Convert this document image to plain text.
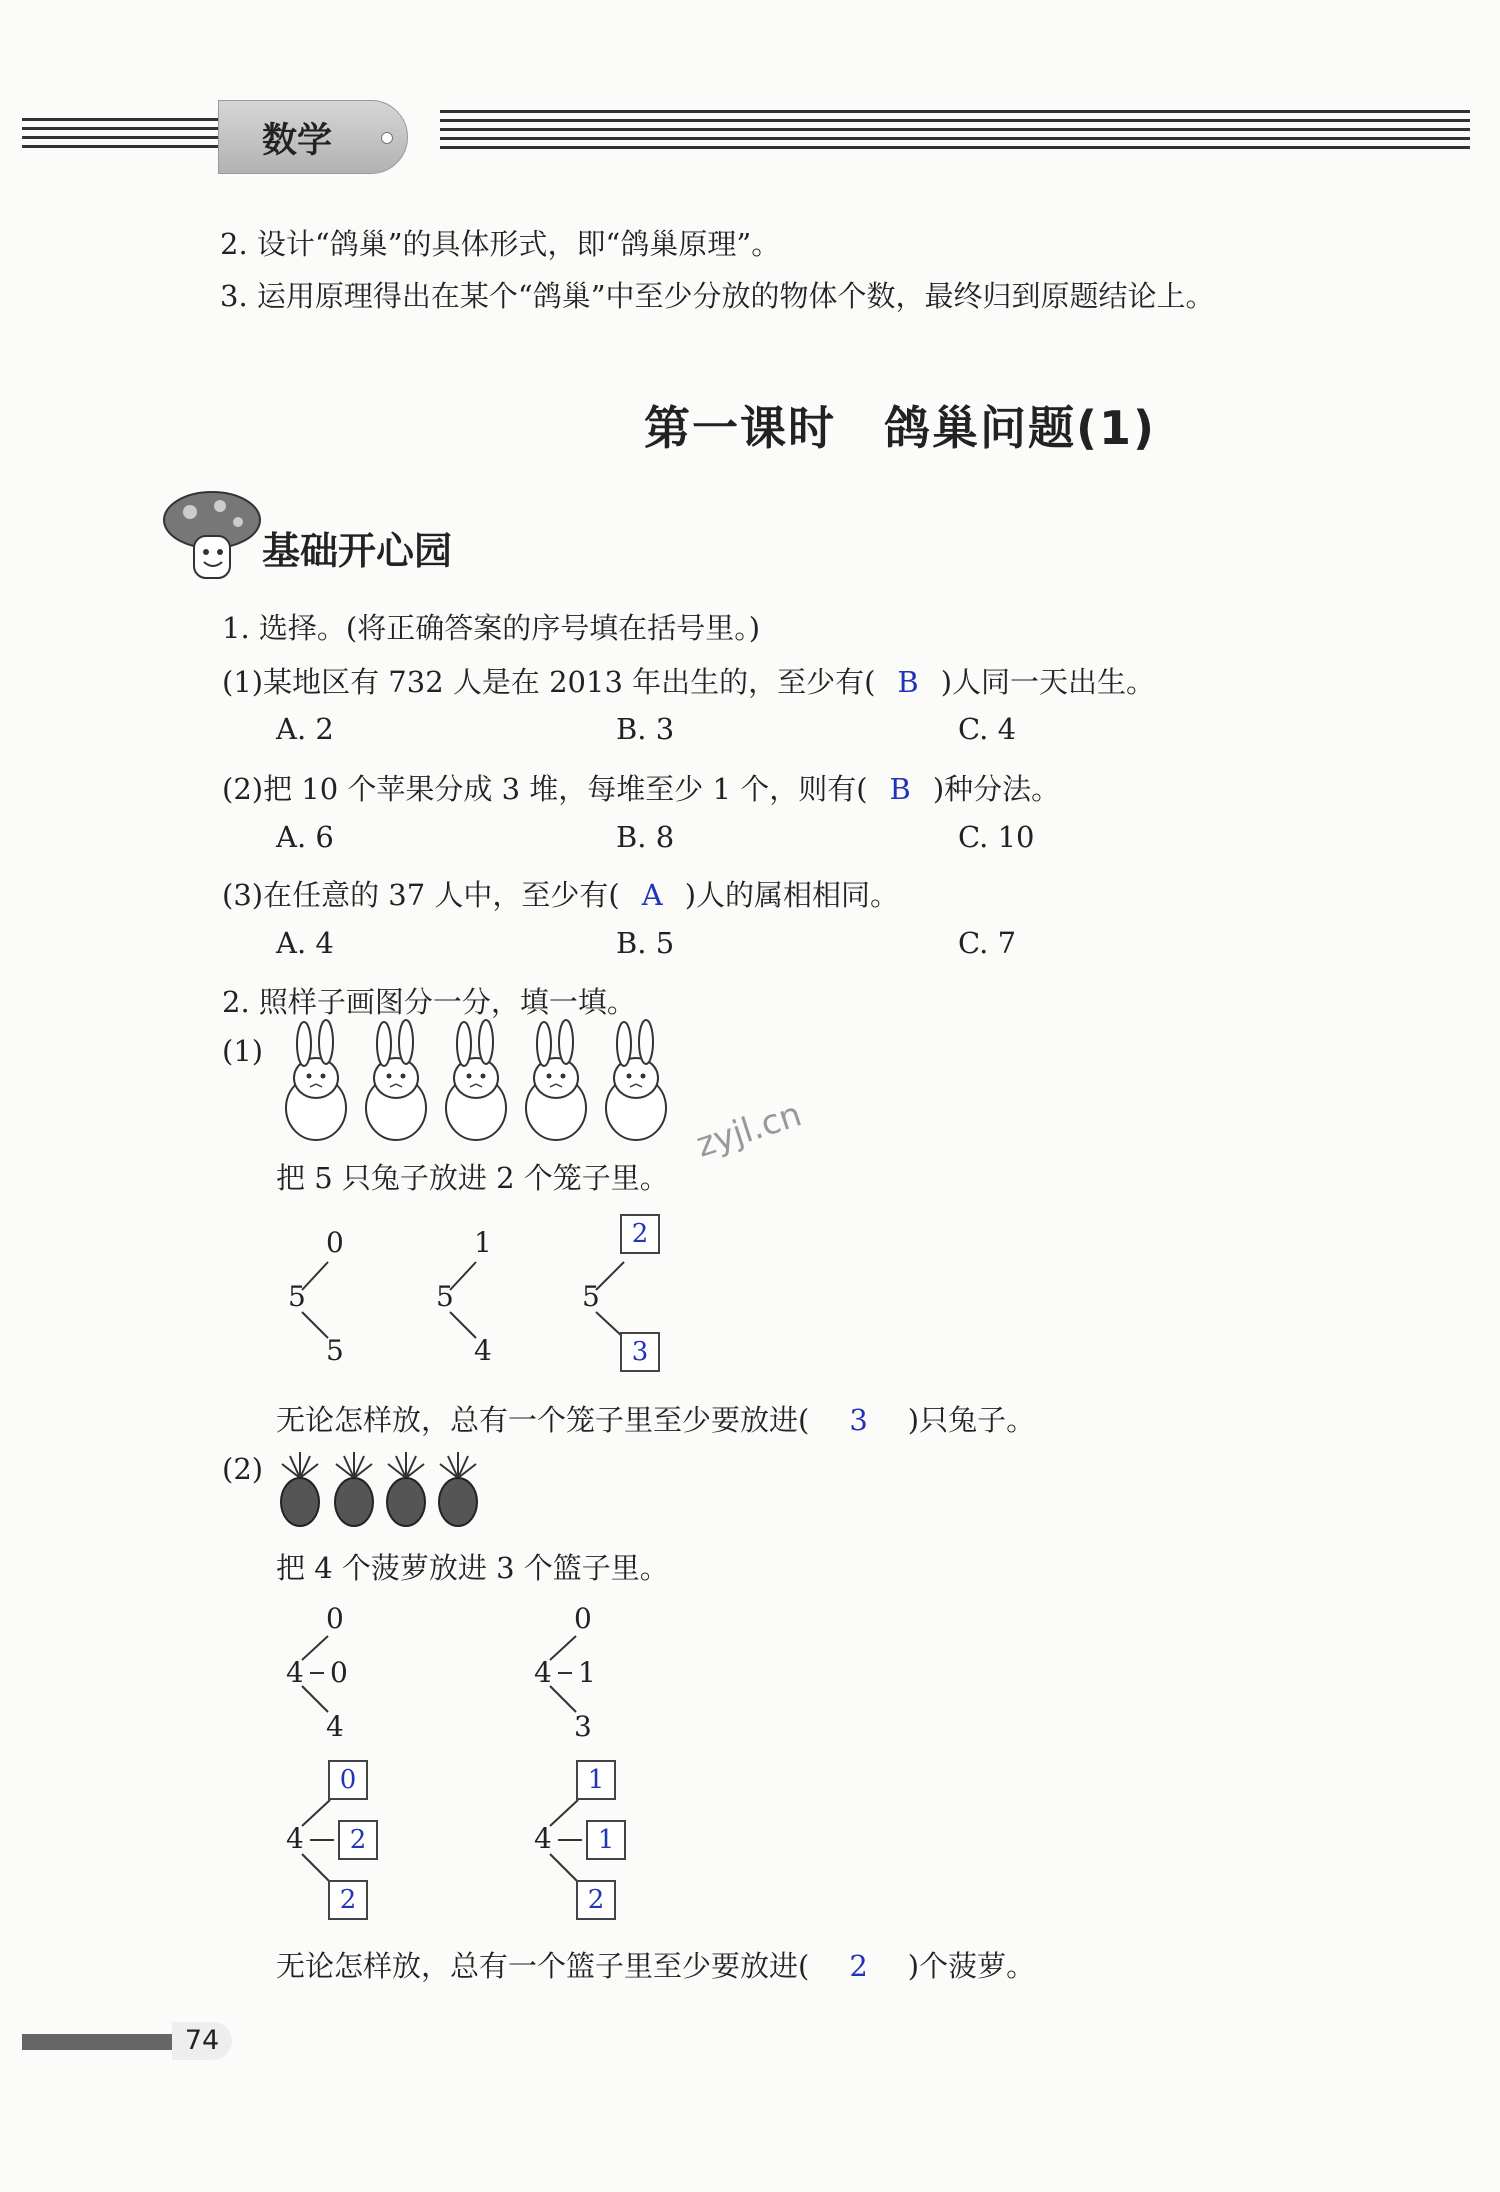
数学
2. 设计“鸽巢”的具体形式，即“鸽巢原理”。
3. 运用原理得出在某个“鸽巢”中至少分放的物体个数，最终归到原题结论上。
第一课时　鸽巢问题(1)
基础开心园
1. 选择。(将正确答案的序号填在括号里。)
(1)某地区有 732 人是在 2013 年出生的，至少有( B )人同一天出生。
A. 2	B. 3	C. 4
(2)把 10 个苹果分成 3 堆，每堆至少 1 个，则有( B )种分法。
A. 6	B. 8	C. 10
(3)在任意的 37 人中，至少有( A )人的属相相同。
A. 4	B. 5	C. 7
2. 照样子画图分一分，填一填。
(1)
zyjl.cn
把 5 只兔子放进 2 个笼子里。
0
5
5
1
5
4
2
5
3
无论怎样放，总有一个笼子里至少要放进( 3 )只兔子。
(2)
把 4 个菠萝放进 3 个篮子里。
0
4 0
4
0
4 1
3
0
4	2
2
1
4	1
2
无论怎样放，总有一个篮子里至少要放进( 2 )个菠萝。
74
